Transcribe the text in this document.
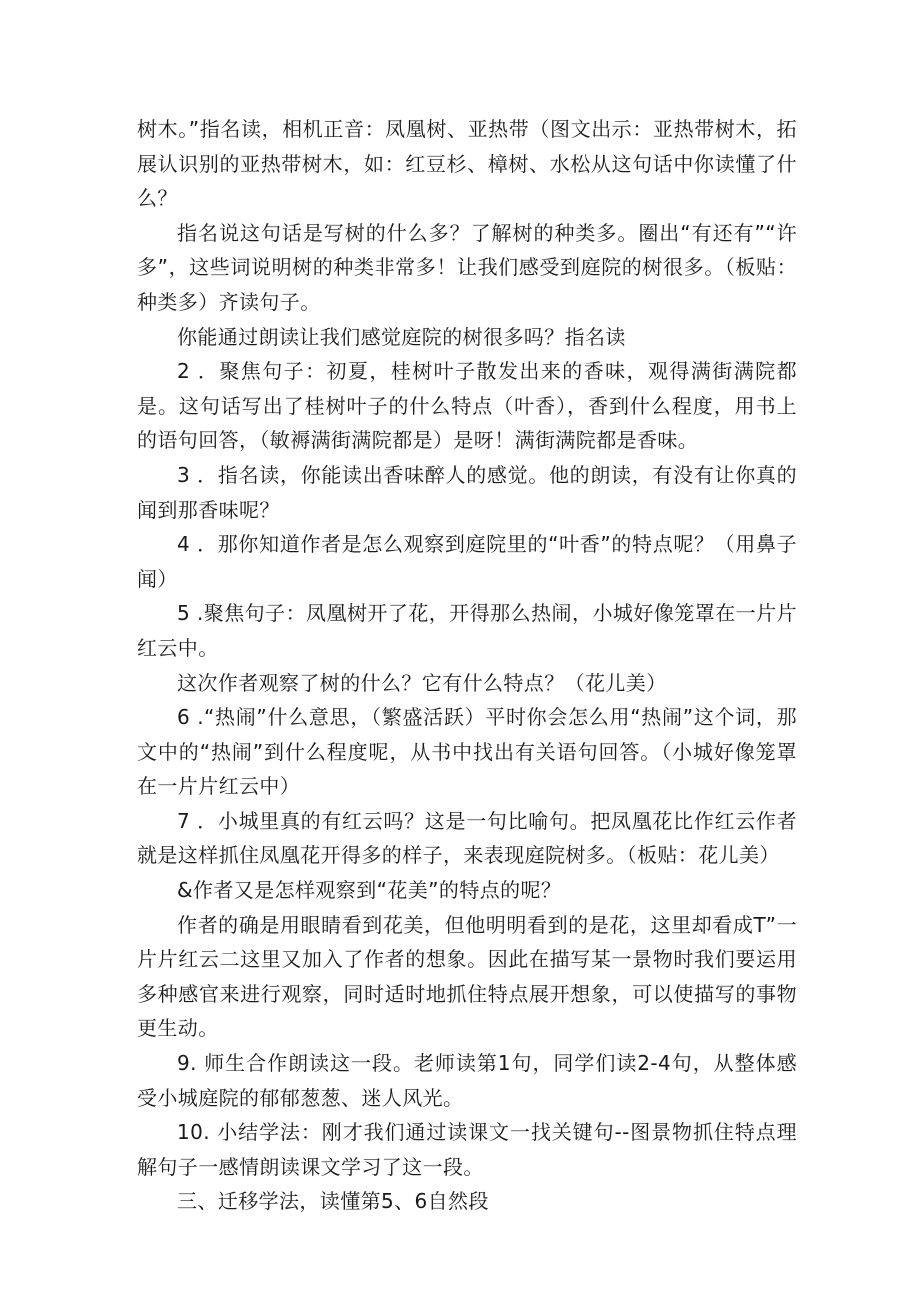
树木。”指名读，相机正音：凤凰树、亚热带（图文出示：亚热带树木，拓展认识别的亚热带树木，如：红豆杉、樟树、水松从这句话中你读懂了什么？

指名说这句话是写树的什么多？了解树的种类多。圈出“有还有”“许多”，这些词说明树的种类非常多！让我们感受到庭院的树很多。（板贴：种类多）齐读句子。

你能通过朗读让我们感觉庭院的树很多吗？指名读

2 ．聚焦句子：初夏，桂树叶子散发出来的香味，观得满街满院都是。这句话写出了桂树叶子的什么特点（叶香），香到什么程度，用书上的语句回答，（敏褥满街满院都是）是呀！满街满院都是香味。

3 ．指名读，你能读出香味醉人的感觉。他的朗读，有没有让你真的闻到那香味呢？

4 ．那你知道作者是怎么观察到庭院里的“叶香”的特点呢？（用鼻子闻）

5 .聚焦句子：凤凰树开了花，开得那么热闹，小城好像笼罩在一片片红云中。

这次作者观察了树的什么？它有什么特点？（花儿美）

6 .“热闹”什么意思，（繁盛活跃）平时你会怎么用“热闹”这个词，那文中的“热闹”到什么程度呢，从书中找出有关语句回答。（小城好像笼罩在一片片红云中）

7 ．小城里真的有红云吗？这是一句比喻句。把凤凰花比作红云作者就是这样抓住凤凰花开得多的样子，来表现庭院树多。（板贴：花儿美）

&作者又是怎样观察到“花美”的特点的呢？

作者的确是用眼睛看到花美，但他明明看到的是花，这里却看成T”一片片红云二这里又加入了作者的想象。因此在描写某一景物时我们要运用多种感官来进行观察，同时适时地抓住特点展开想象，可以使描写的事物更生动。

9. 师生合作朗读这一段。老师读第1句，同学们读2-4句，从整体感受小城庭院的郁郁葱葱、迷人风光。

10. 小结学法：刚才我们通过读课文一找关键句--图景物抓住特点理解句子一感情朗读课文学习了这一段。

三、迁移学法，读懂第5、6自然段
